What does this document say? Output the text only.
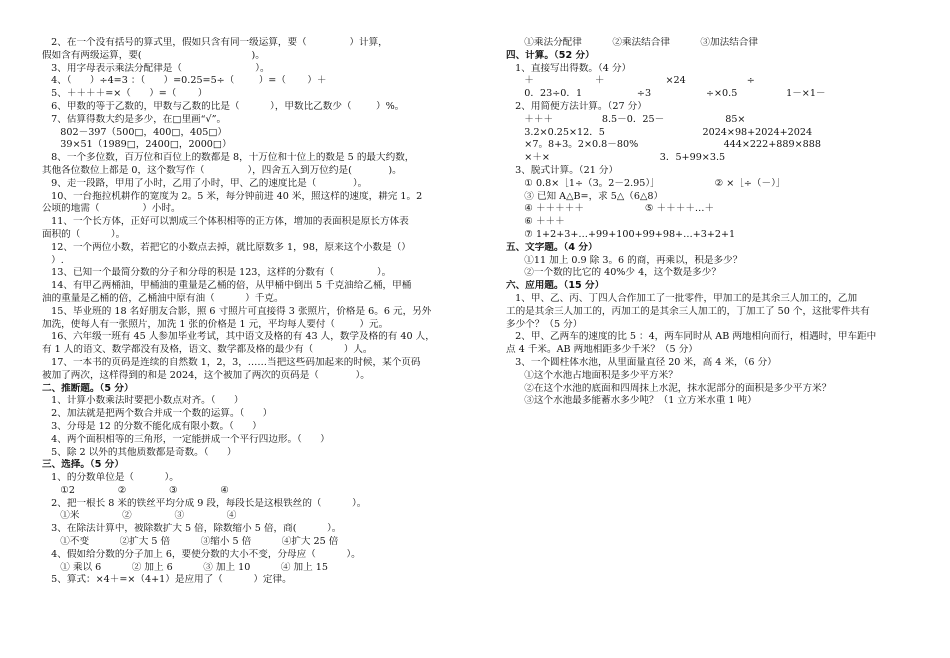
2、在一个没有括号的算式里，假如只含有同一级运算，要（              ）计算，
假如含有两级运算，要(                                    )。
3、用字母表示乘法分配律是（                        ）。
4、（      ）÷4=3 ：（      ）=0.25=5÷（        ）=（       ）＋
5、＋＋＋＋=×（      ）=（       ）
6、甲数的等于乙数的，甲数与乙数的比是（          ），甲数比乙数少（        ）%。
7、估算得数大约是多少，在□里画“√”。
802－397（500□，400□，405□）
39×51（1989□，2400□，2000□）
8、一个多位数，百万位和百位上的数都是 8，十万位和十位上的数是 5 的最大约数，
其他各位数位上都是 0，这个数写作（              ），四舍五入到万位约是(            )。
9、走一段路，甲用了小时，乙用了小时，甲、乙的速度比是（            ）。
10、一台拖拉机耕作的宽度为 2。5 米，每分钟前进 40 米，照这样的速度，耕完 1。2
公顷的地需（              ）小时。
11、一个长方体，正好可以割成三个体积相等的正方体，增加的表面积是原长方体表
面积的（          ）。
12、一个两位小数，若把它的小数点去掉，就比原数多 1，98，原来这个小数是（）
）.
13、已知一个最简分数的分子和分母的积是 123，这样的分数有（              ）。
14、有甲乙两桶油，甲桶油的重量是乙桶的倍，从甲桶中倒出 5 千克油给乙桶，甲桶
油的重量是乙桶的倍，乙桶油中原有油（          ）千克。
15、毕业班的 18 名好朋友合影，照 6 寸照片可直接得 3 张照片，价格是 6。6 元，另外
加洗，使每人有一张照片，加洗 1 张的价格是 1 元，平均每人要付（        ）元。
16、六年级一班有 45 人参加毕业考试，其中语文及格的有 43 人，数学及格的有 40 人，
有 1 人的语文、数学都没有及格，语文、数学都及格的最少有（          ）人。
17、一本书的页码是连续的自然数 1，2，3，……当把这些码加起来的时候，某个页码
被加了两次，这样得到的和是 2024，这个被加了两次的页码是（            ）。
二、推断题。（5 分）
1、计算小数乘法时要把小数点对齐。（      ）
2、加法就是把两个数合并成一个数的运算。（      ）
3、分母是 12 的分数不能化成有限小数。（      ）
4、两个面积相等的三角形，一定能拼成一个平行四边形。（      ）
5、除 2 以外的其他质数都是奇数。（      ）
三、选择。（5 分）
1、的分数单位是（          ）。
①2              ②              ③              ④
2、把一根长 8 米的铁丝平均分成 9 段，每段长是这根铁丝的（          ）。
①米              ②              ③              ④
3、在除法计算中，被除数扩大 5 倍，除数缩小 5 倍，商(          ）。
①不变          ②扩大 5 倍          ③缩小 5 倍          ④扩大 25 倍
4、假如给分数的分子加上 6，要使分数的大小不变，分母应（          ）。
① 乘以 6          ② 加上 6          ③ 加上 10          ④ 加上 15
5、算式：×4＋=×（4+1）是应用了（          ）定律。
①乘法分配律          ②乘法结合律          ③加法结合律
四、计算。（52 分）
1、直接写出得数。（4 分）
＋                    ＋                    ×24                    ÷
0．23÷0．1                  ÷3                  ÷×0.5                1－×1－
2、用简便方法计算。（27 分）
＋＋＋                8.5－0．25－                    85×
3.2×0.25×12．5                                2024×98+2024+2024
×7。8+3。2×0.8－80%                            444×222+889×888
×＋×                                    3．5+99×3.5
3、脱式计算。（21 分）
① 0.8×［1÷（3。2－2.95）］                  ② ×［÷（－）］
③ 已知 A△B=，求 5△（6△8）
④ ＋＋＋＋＋                    ⑤ ＋＋＋＋…＋
⑥ ＋＋＋
⑦ 1+2+3+…+99+100+99+98+…+3+2+1
五、文字题。（4 分）
①11 加上 0.9 除 3。6 的商，再乘以，积是多少？
②一个数的比它的 40%少 4，这个数是多少？
六、应用题。（15 分）
1、甲、乙、丙、丁四人合作加工了一批零件，甲加工的是其余三人加工的，乙加
工的是其余三人加工的，丙加工的是其余三人加工的，丁加工了 50 个，这批零件共有
多少个？（5 分）
2、甲、乙两车的速度的比 5 ：4，两车同时从 AB 两地相向而行，相遇时，甲车距中
点 4 千米。AB 两地相距多少千米？（5 分）
3、一个圆柱体水池，从里面量直径 20 米，高 4 米，（6 分）
①这个水池占地面积是多少平方米？
②在这个水池的底面和四周抹上水泥，抹水泥部分的面积是多少平方米？
③这个水池最多能蓄水多少吨？（1 立方米水重 1 吨）
